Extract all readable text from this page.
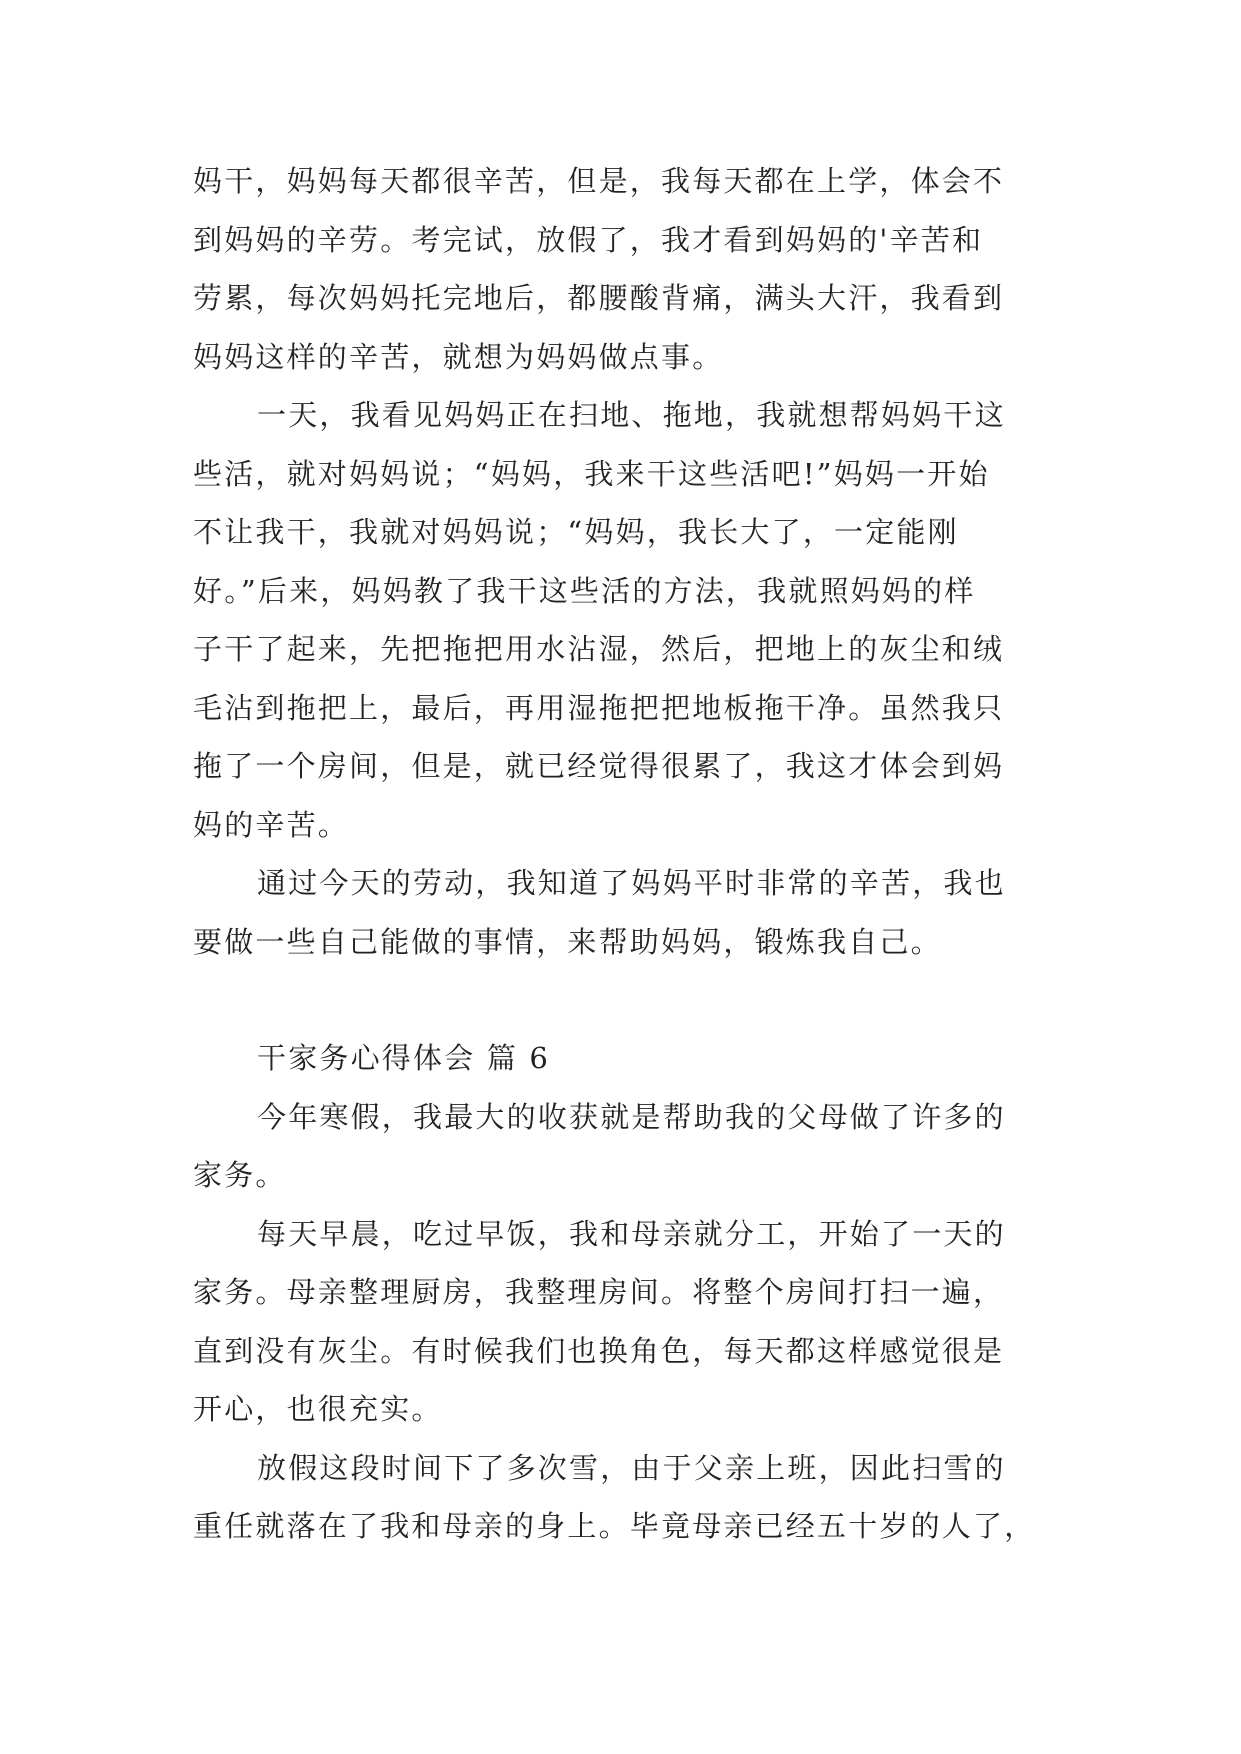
妈干，妈妈每天都很辛苦，但是，我每天都在上学，体会不
到妈妈的辛劳。考完试，放假了，我才看到妈妈的'辛苦和
劳累，每次妈妈托完地后，都腰酸背痛，满头大汗，我看到
妈妈这样的辛苦，就想为妈妈做点事。
一天，我看见妈妈正在扫地、拖地，我就想帮妈妈干这
些活，就对妈妈说；“妈妈，我来干这些活吧!”妈妈一开始
不让我干，我就对妈妈说；“妈妈，我长大了，一定能刚
好。”后来，妈妈教了我干这些活的方法，我就照妈妈的样
子干了起来，先把拖把用水沾湿，然后，把地上的灰尘和绒
毛沾到拖把上，最后，再用湿拖把把地板拖干净。虽然我只
拖了一个房间，但是，就已经觉得很累了，我这才体会到妈
妈的辛苦。
通过今天的劳动，我知道了妈妈平时非常的辛苦，我也
要做一些自己能做的事情，来帮助妈妈，锻炼我自己。
干家务心得体会 篇 6
今年寒假，我最大的收获就是帮助我的父母做了许多的
家务。
每天早晨，吃过早饭，我和母亲就分工，开始了一天的
家务。母亲整理厨房，我整理房间。将整个房间打扫一遍，
直到没有灰尘。有时候我们也换角色，每天都这样感觉很是
开心，也很充实。
放假这段时间下了多次雪，由于父亲上班，因此扫雪的
重任就落在了我和母亲的身上。毕竟母亲已经五十岁的人了，
